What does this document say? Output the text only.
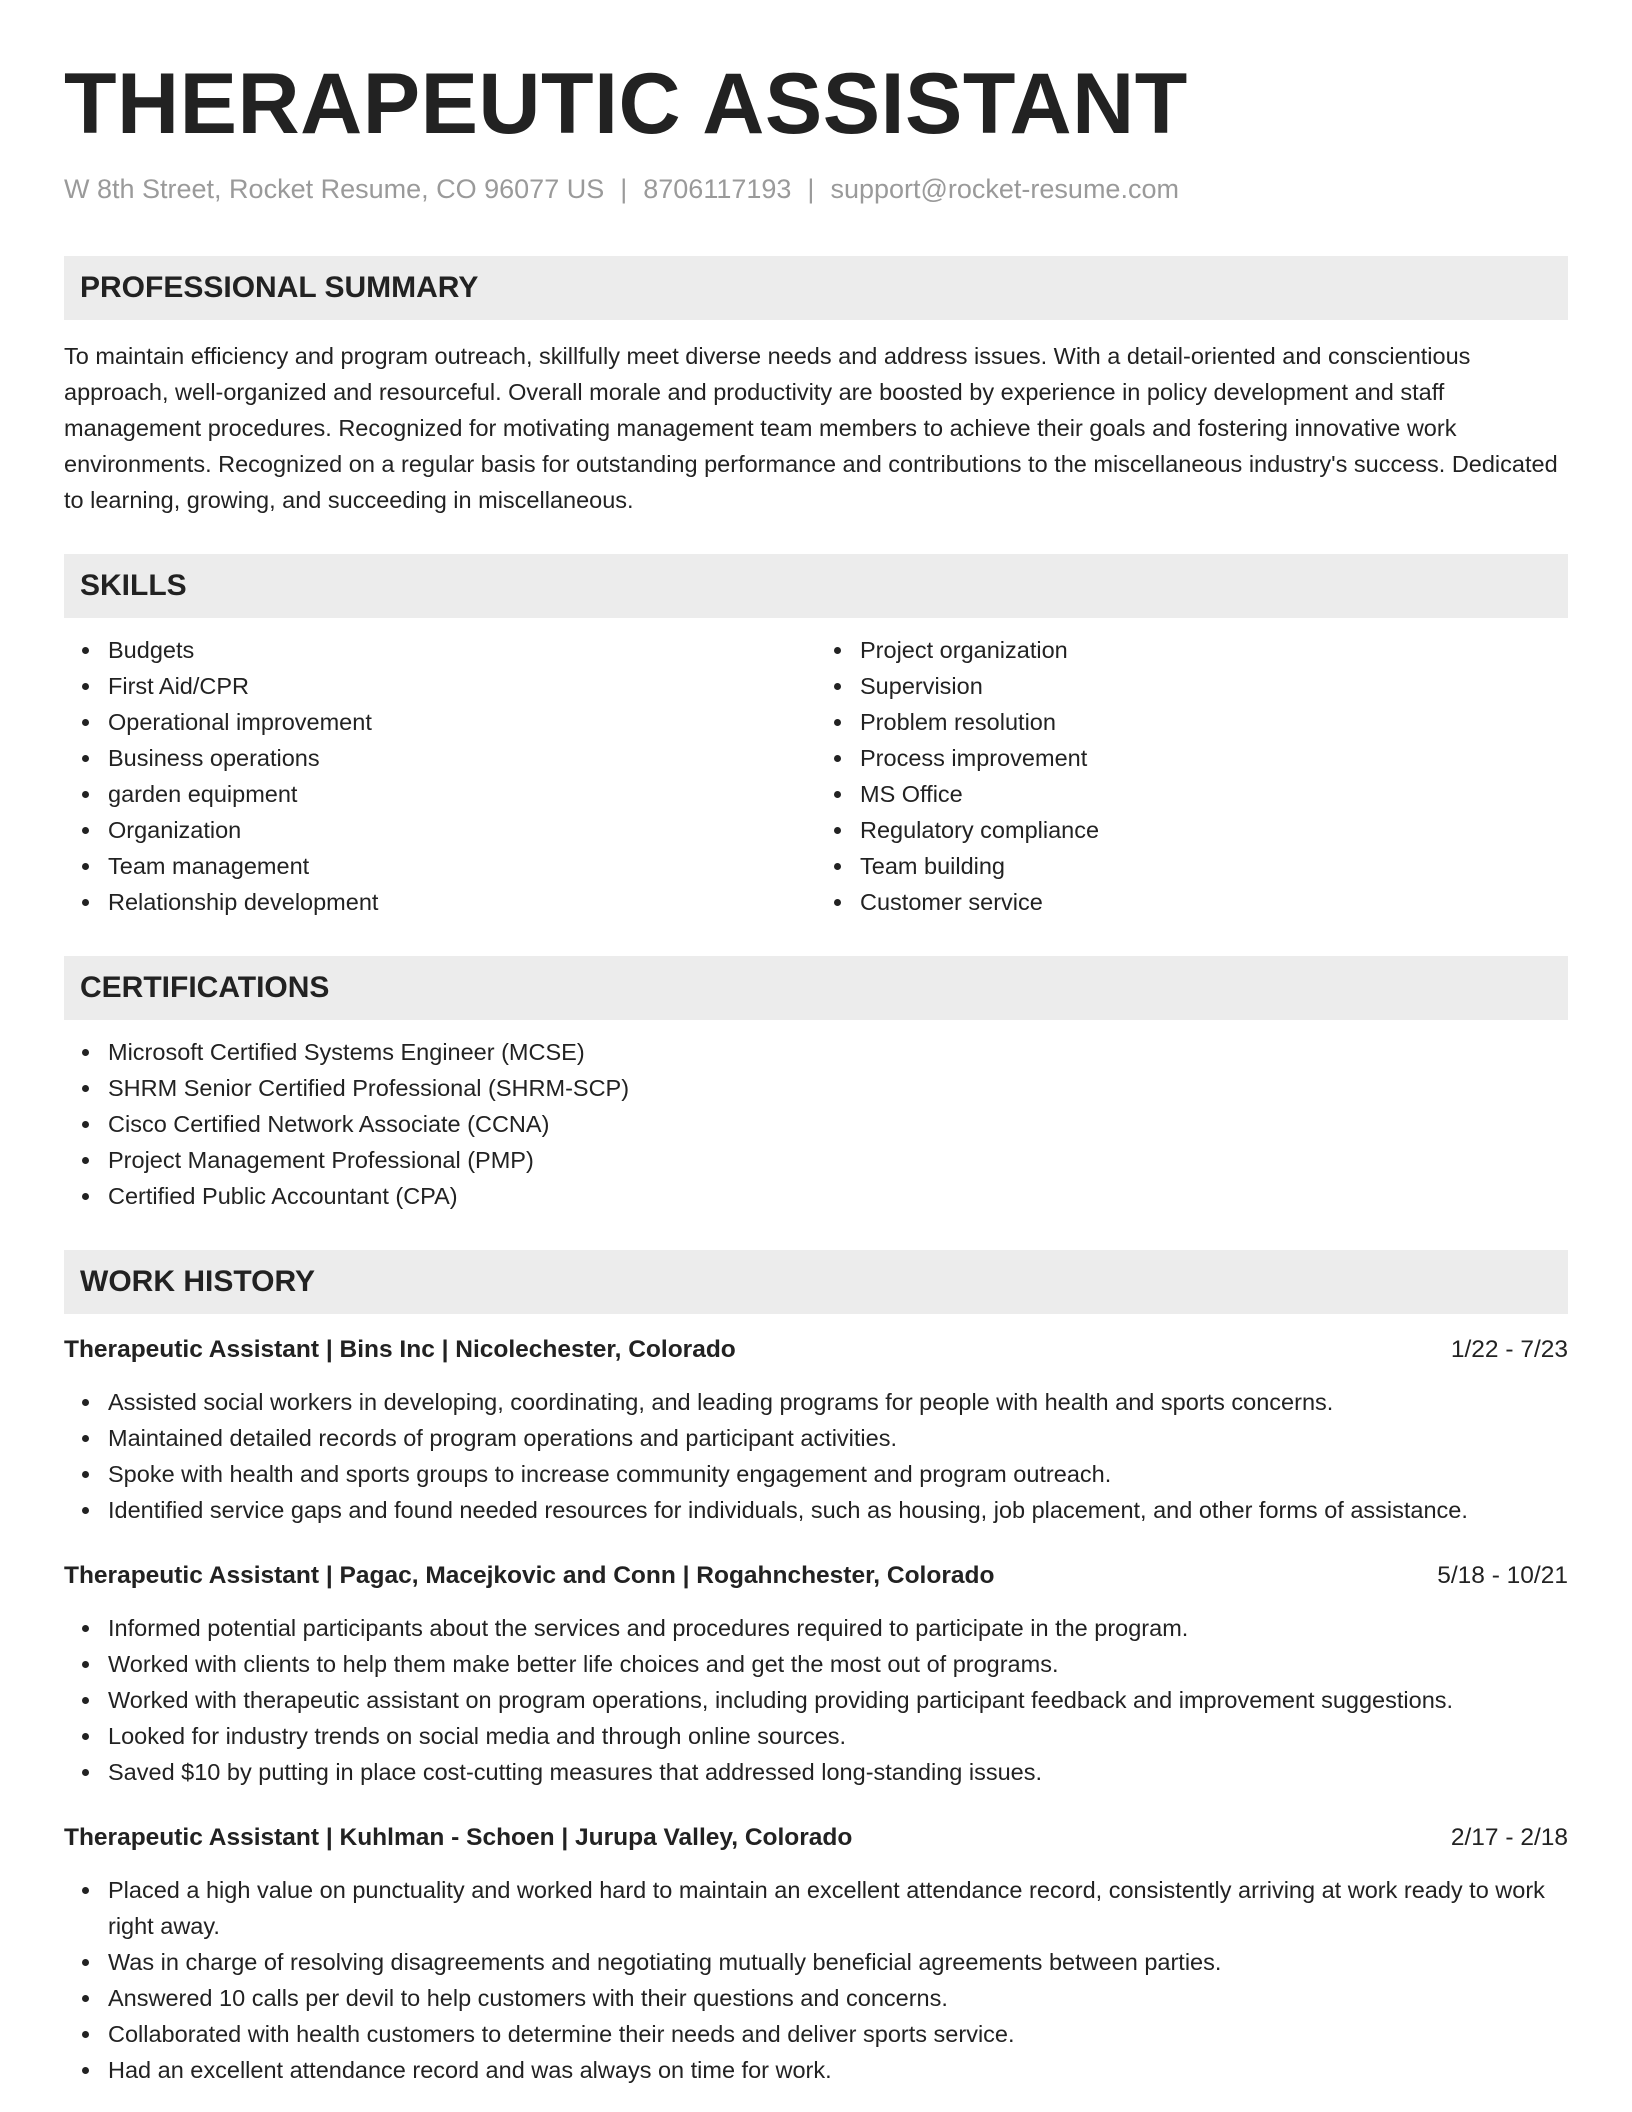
THERAPEUTIC ASSISTANT
W 8th Street, Rocket Resume, CO 96077 US | 8706117193 | support@rocket-resume.com
PROFESSIONAL SUMMARY
To maintain efficiency and program outreach, skillfully meet diverse needs and address issues. With a detail-oriented and conscientious approach, well-organized and resourceful. Overall morale and productivity are boosted by experience in policy development and staff management procedures. Recognized for motivating management team members to achieve their goals and fostering innovative work environments. Recognized on a regular basis for outstanding performance and contributions to the miscellaneous industry's success. Dedicated to learning, growing, and succeeding in miscellaneous.
SKILLS
Budgets
First Aid/CPR
Operational improvement
Business operations
garden equipment
Organization
Team management
Relationship development
Project organization
Supervision
Problem resolution
Process improvement
MS Office
Regulatory compliance
Team building
Customer service
CERTIFICATIONS
Microsoft Certified Systems Engineer (MCSE)
SHRM Senior Certified Professional (SHRM-SCP)
Cisco Certified Network Associate (CCNA)
Project Management Professional (PMP)
Certified Public Accountant (CPA)
WORK HISTORY
Therapeutic Assistant | Bins Inc | Nicolechester, Colorado	1/22 - 7/23
Assisted social workers in developing, coordinating, and leading programs for people with health and sports concerns.
Maintained detailed records of program operations and participant activities.
Spoke with health and sports groups to increase community engagement and program outreach.
Identified service gaps and found needed resources for individuals, such as housing, job placement, and other forms of assistance.
Therapeutic Assistant | Pagac, Macejkovic and Conn | Rogahnchester, Colorado	5/18 - 10/21
Informed potential participants about the services and procedures required to participate in the program.
Worked with clients to help them make better life choices and get the most out of programs.
Worked with therapeutic assistant on program operations, including providing participant feedback and improvement suggestions.
Looked for industry trends on social media and through online sources.
Saved $10 by putting in place cost-cutting measures that addressed long-standing issues.
Therapeutic Assistant | Kuhlman - Schoen | Jurupa Valley, Colorado	2/17 - 2/18
Placed a high value on punctuality and worked hard to maintain an excellent attendance record, consistently arriving at work ready to work right away.
Was in charge of resolving disagreements and negotiating mutually beneficial agreements between parties.
Answered 10 calls per devil to help customers with their questions and concerns.
Collaborated with health customers to determine their needs and deliver sports service.
Had an excellent attendance record and was always on time for work.
